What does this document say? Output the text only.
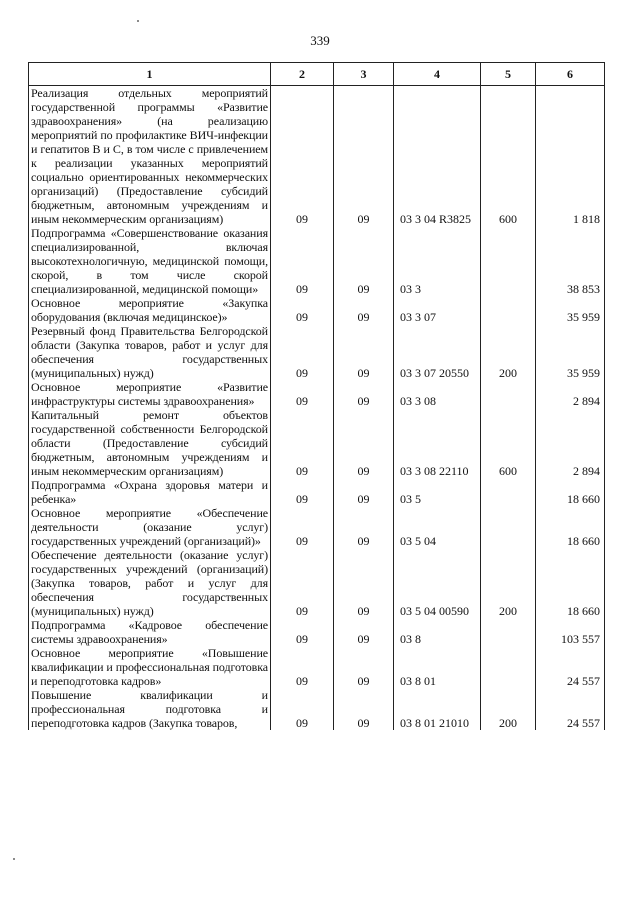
339
1	2	3	4	5	6
Реализация отдельных мероприятий государственной программы «Развитие здравоохранения» (на реализацию мероприятий по профилактике ВИЧ-инфекции и гепатитов В и С, в том числе с привлечением к реализации указанных мероприятий социально ориентированных некоммерческих организаций) (Предоставление субсидий бюджетным, автономным учреждениям и иным некоммерческим организациям)	09	09	03 3 04 R3825	600	1 818
Подпрограмма «Совершенствование оказания специализированной, включая высокотехнологичную, медицинской помощи, скорой, в том числе скорой специализированной, медицинской помощи»	09	09	03 3		38 853
Основное мероприятие «Закупка оборудования (включая медицинское)»	09	09	03 3 07		35 959
Резервный фонд Правительства Белгородской области (Закупка товаров, работ и услуг для обеспечения государственных (муниципальных) нужд)	09	09	03 3 07 20550	200	35 959
Основное мероприятие «Развитие инфраструктуры системы здравоохранения»	09	09	03 3 08		2 894
Капитальный ремонт объектов государственной собственности Белгородской области (Предоставление субсидий бюджетным, автономным учреждениям и иным некоммерческим организациям)	09	09	03 3 08 22110	600	2 894
Подпрограмма «Охрана здоровья матери и ребенка»	09	09	03 5		18 660
Основное мероприятие «Обеспечение деятельности (оказание услуг) государственных учреждений (организаций)»	09	09	03 5 04		18 660
Обеспечение деятельности (оказание услуг) государственных учреждений (организаций) (Закупка товаров, работ и услуг для обеспечения государственных (муниципальных) нужд)	09	09	03 5 04 00590	200	18 660
Подпрограмма «Кадровое обеспечение системы здравоохранения»	09	09	03 8		103 557
Основное мероприятие «Повышение квалификации и профессиональная подготовка и переподготовка кадров»	09	09	03 8 01		24 557
Повышение квалификации и профессиональная подготовка и переподготовка кадров (Закупка товаров,	09	09	03 8 01 21010	200	24 557
